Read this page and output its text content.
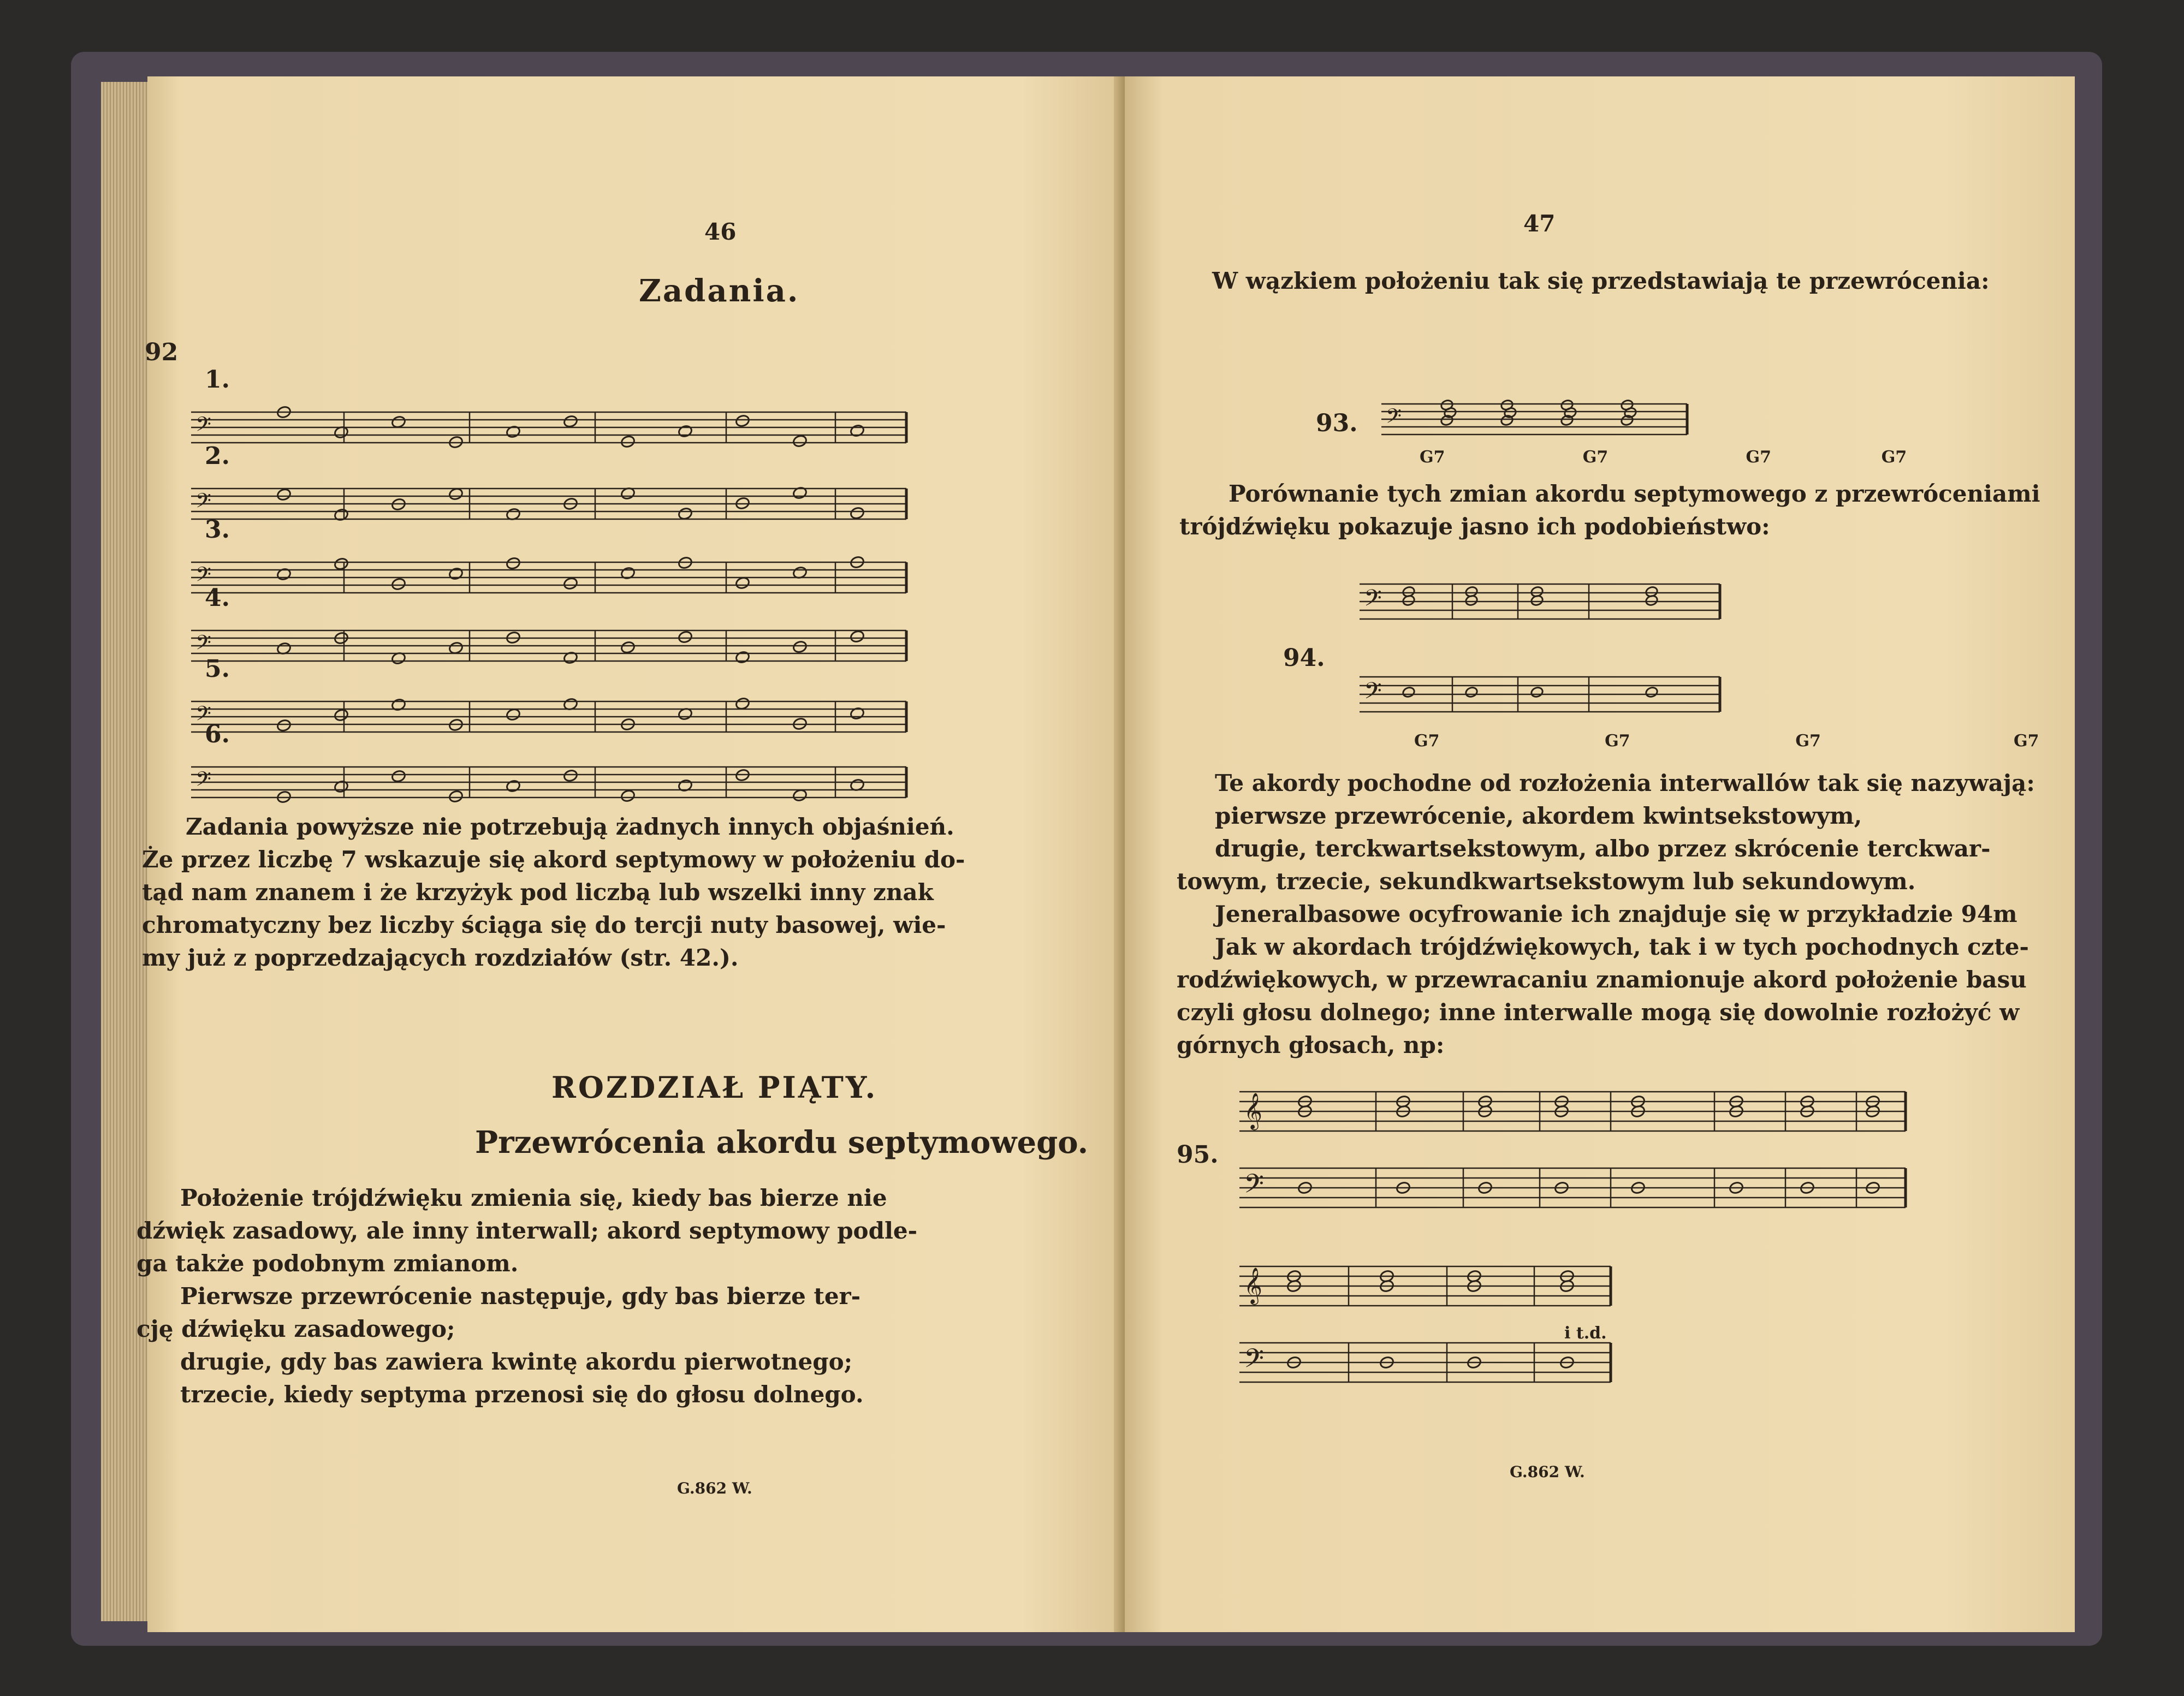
46
Zadania.
92
𝄢
1.
𝄢
2.
𝄢
3.
𝄢
4.
𝄢
5.
𝄢
6.
Zadania powyższe nie potrzebują żadnych innych objaśnień.
Że przez liczbę 7 wskazuje się akord septymowy w położeniu do-
tąd nam znanem i że krzyżyk pod liczbą lub wszelki inny znak
chromatyczny bez liczby ściąga się do tercji nuty basowej, wie-
my już z poprzedzających rozdziałów (str. 42.).
ROZDZIAŁ PIĄTY.
Przewrócenia akordu septymowego.
Położenie trójdźwięku zmienia się, kiedy bas bierze nie
dźwięk zasadowy, ale inny interwall; akord septymowy podle-
ga także podobnym zmianom.
Pierwsze przewrócenie następuje, gdy bas bierze ter-
cję dźwięku zasadowego;
drugie, gdy bas zawiera kwintę akordu pierwotnego;
trzecie, kiedy septyma przenosi się do głosu dolnego.
G.862 W.
47
W wązkiem położeniu tak się przedstawiają te przewrócenia:
93. 𝄢
G7	G7	G7	G7
Porównanie tych zmian akordu septymowego z przewróceniami
trójdźwięku pokazuje jasno ich podobieństwo:
94.
𝄢
𝄢
G7	G7	G7	G7
Te akordy pochodne od rozłożenia interwallów tak się nazywają:
pierwsze przewrócenie, akordem kwintsekstowym,
drugie, terckwartsekstowym, albo przez skrócenie terckwar-
towym, trzecie, sekundkwartsekstowym lub sekundowym.
Jeneralbasowe ocyfrowanie ich znajduje się w przykładzie 94m
Jak w akordach trójdźwiękowych, tak i w tych pochodnych czte-
rodźwiękowych, w przewracaniu znamionuje akord położenie basu
czyli głosu dolnego; inne interwalle mogą się dowolnie rozłożyć w
górnych głosach, np:
95.
𝄞
𝄢
𝄞
𝄢
i t.d.
G.862 W.
